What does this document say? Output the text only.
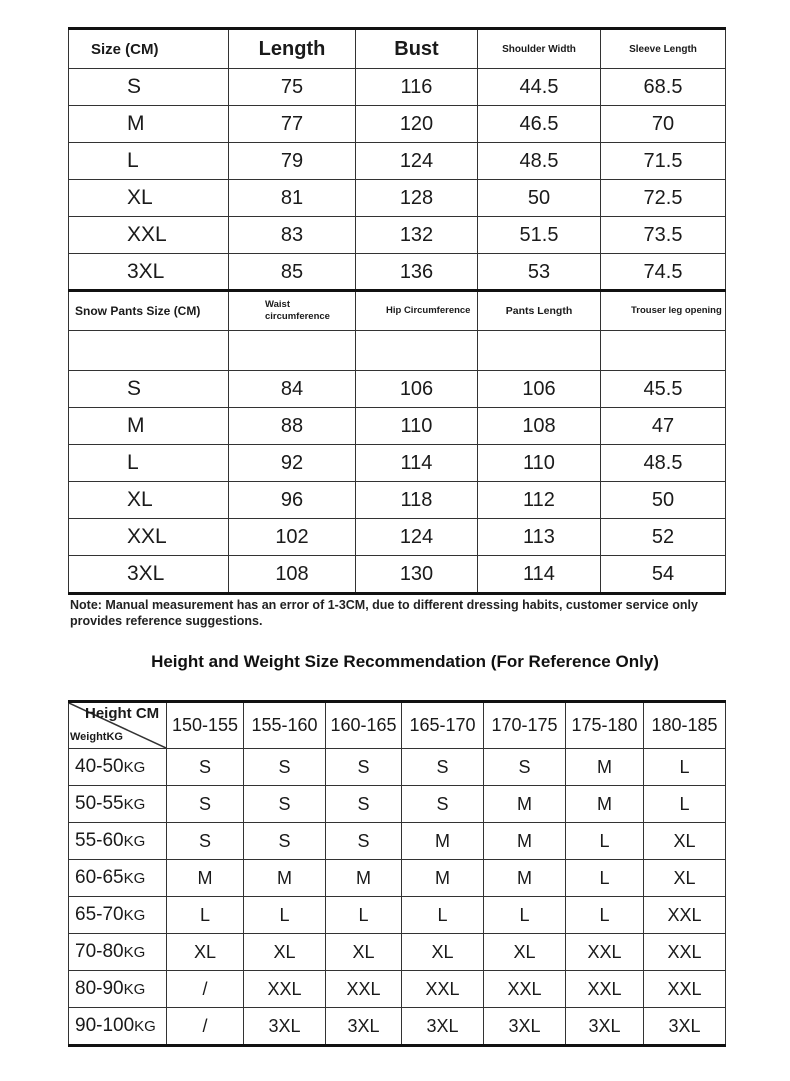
Size (CM)	Length	Bust	Shoulder Width	Sleeve Length
S	75	116	44.5	68.5
M	77	120	46.5	70
L	79	124	48.5	71.5
XL	81	128	50	72.5
XXL	83	132	51.5	73.5
3XL	85	136	53	74.5
Snow Pants Size (CM)	Waist circumference	Hip Circumference	Pants Length	Trouser leg opening

S	84	106	106	45.5
M	88	110	108	47
L	92	114	110	48.5
XL	96	118	112	50
XXL	102	124	113	52
3XL	108	130	114	54
Note: Manual measurement has an error of 1-3CM, due to different dressing habits, customer service only provides reference suggestions.
Height and Weight Size Recommendation (For Reference Only)
Height CM
WeightKG	150-155	155-160	160-165	165-170	170-175	175-180	180-185
40-50KG	S	S	S	S	S	M	L
50-55KG	S	S	S	S	M	M	L
55-60KG	S	S	S	M	M	L	XL
60-65KG	M	M	M	M	M	L	XL
65-70KG	L	L	L	L	L	L	XXL
70-80KG	XL	XL	XL	XL	XL	XXL	XXL
80-90KG	/	XXL	XXL	XXL	XXL	XXL	XXL
90-100KG	/	3XL	3XL	3XL	3XL	3XL	3XL
